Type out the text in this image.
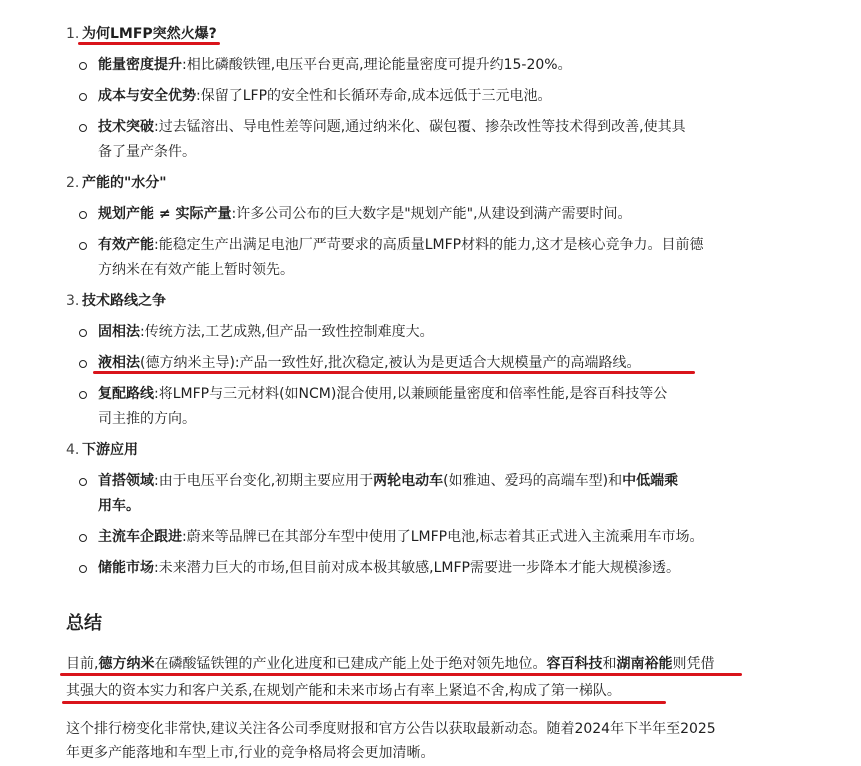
1. 为何LMFP突然火爆?
能量密度提升:相比磷酸铁锂,电压平台更高,理论能量密度可提升约15-20%。
成本与安全优势:保留了LFP的安全性和长循环寿命,成本远低于三元电池。
技术突破:过去锰溶出、导电性差等问题,通过纳米化、碳包覆、掺杂改性等技术得到改善,使其具
备了量产条件。
2. 产能的"水分"
规划产能 ≠ 实际产量:许多公司公布的巨大数字是"规划产能",从建设到满产需要时间。
有效产能:能稳定生产出满足电池厂严苛要求的高质量LMFP材料的能力,这才是核心竞争力。目前德
方纳米在有效产能上暂时领先。
3. 技术路线之争
固相法:传统方法,工艺成熟,但产品一致性控制难度大。
液相法(德方纳米主导):产品一致性好,批次稳定,被认为是更适合大规模量产的高端路线。
复配路线:将LMFP与三元材料(如NCM)混合使用,以兼顾能量密度和倍率性能,是容百科技等公
司主推的方向。
4. 下游应用
首搭领域:由于电压平台变化,初期主要应用于两轮电动车(如雅迪、爱玛的高端车型)和中低端乘
用车。
主流车企跟进:蔚来等品牌已在其部分车型中使用了LMFP电池,标志着其正式进入主流乘用车市场。
储能市场:未来潜力巨大的市场,但目前对成本极其敏感,LMFP需要进一步降本才能大规模渗透。
总结
目前,德方纳米在磷酸锰铁锂的产业化进度和已建成产能上处于绝对领先地位。容百科技和湖南裕能则凭借
其强大的资本实力和客户关系,在规划产能和未来市场占有率上紧追不舍,构成了第一梯队。
这个排行榜变化非常快,建议关注各公司季度财报和官方公告以获取最新动态。随着2024年下半年至2025
年更多产能落地和车型上市,行业的竞争格局将会更加清晰。
